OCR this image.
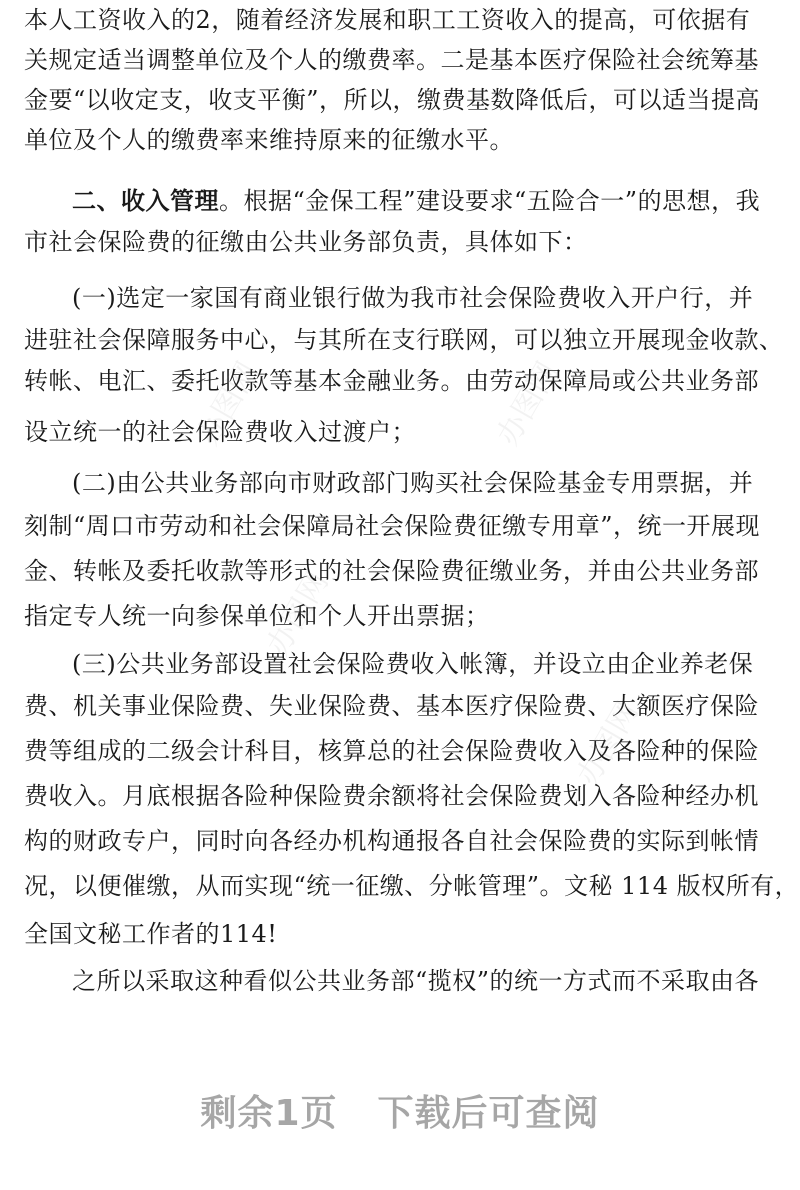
本人工资收入的2，随着经济发展和职工工资收入的提高，可依据有

关规定适当调整单位及个人的缴费率。二是基本医疗保险社会统筹基

金要“以收定支，收支平衡”，所以，缴费基数降低后，可以适当提高

单位及个人的缴费率来维持原来的征缴水平。

二、收入管理。根据“金保工程”建设要求“五险合一”的思想，我

市社会保险费的征缴由公共业务部负责，具体如下：

(一)选定一家国有商业银行做为我市社会保险费收入开户行，并

进驻社会保障服务中心，与其所在支行联网，可以独立开展现金收款、

转帐、电汇、委托收款等基本金融业务。由劳动保障局或公共业务部

设立统一的社会保险费收入过渡户；

(二)由公共业务部向市财政部门购买社会保险基金专用票据，并

刻制“周口市劳动和社会保障局社会保险费征缴专用章”，统一开展现

金、转帐及委托收款等形式的社会保险费征缴业务，并由公共业务部

指定专人统一向参保单位和个人开出票据；

(三)公共业务部设置社会保险费收入帐簿，并设立由企业养老保

费、机关事业保险费、失业保险费、基本医疗保险费、大额医疗保险

费等组成的二级会计科目，核算总的社会保险费收入及各险种的保险

费收入。月底根据各险种保险费余额将社会保险费划入各险种经办机

构的财政专户，同时向各经办机构通报各自社会保险费的实际到帐情

况，以便催缴，从而实现“统一征缴、分帐管理”。文秘 114 版权所有，

全国文秘工作者的114!

之所以采取这种看似公共业务部“揽权”的统一方式而不采取由各

办图网	办图网
办图网
办图网
剩余1页 下载后可查阅
